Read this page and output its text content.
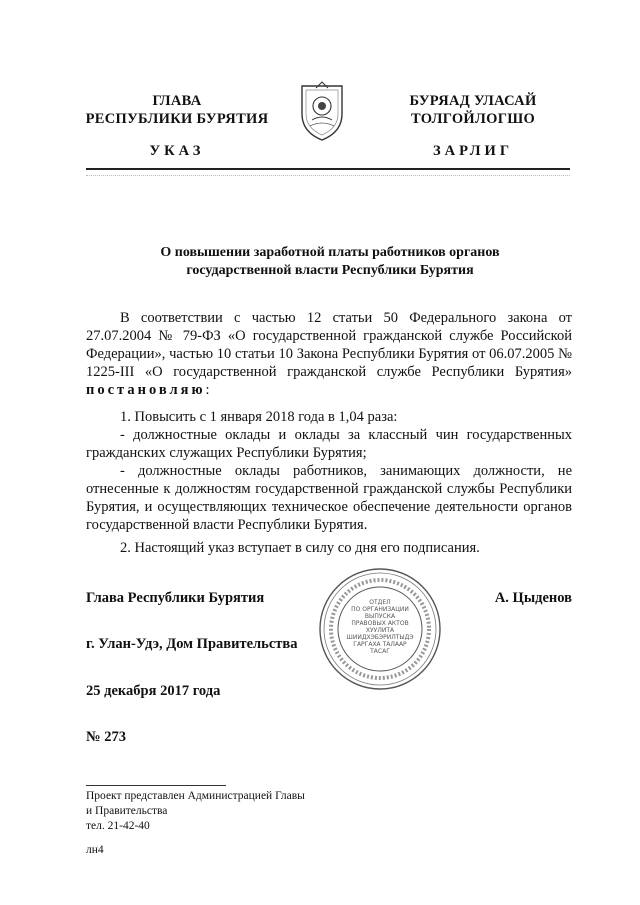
ГЛАВА
РЕСПУБЛИКИ БУРЯТИЯ
УКАЗ
БУРЯАД УЛАСАЙ
ТОЛГОЙЛОГШО
ЗАРЛИГ
О повышении заработной платы работников органов
государственной власти Республики Бурятия
В соответствии с частью 12 статьи 50 Федерального закона от 27.07.2004 № 79-ФЗ «О государственной гражданской службе Российской Федерации», частью 10 статьи 10 Закона Республики Бурятия от 06.07.2005 № 1225-III «О государственной гражданской службе Республики Бурятия» постановляю:
1. Повысить с 1 января 2018 года в 1,04 раза:
- должностные оклады и оклады за классный чин государственных гражданских служащих Республики Бурятия;
- должностные оклады работников, занимающих должности, не отнесенные к должностям государственной гражданской службы Республики Бурятия, и осуществляющих техническое обеспечение деятельности органов государственной власти Республики Бурятия.
2. Настоящий указ вступает в силу со дня его подписания.
ОТДЕЛ
ПО ОРГАНИЗАЦИИ
ВЫПУСКА
ПРАВОВЫХ АКТОВ
ХУУЛИТА
ШИИДХЭБЭРИЛТЫДЭ
ГАРГАХА ТАЛААР
ТАСАГ
Глава Республики Бурятия	А. Цыденов
г. Улан-Удэ, Дом Правительства
25 декабря 2017 года
№ 273
Проект представлен Администрацией Главы
и Правительства
тел. 21-42-40
лн4
